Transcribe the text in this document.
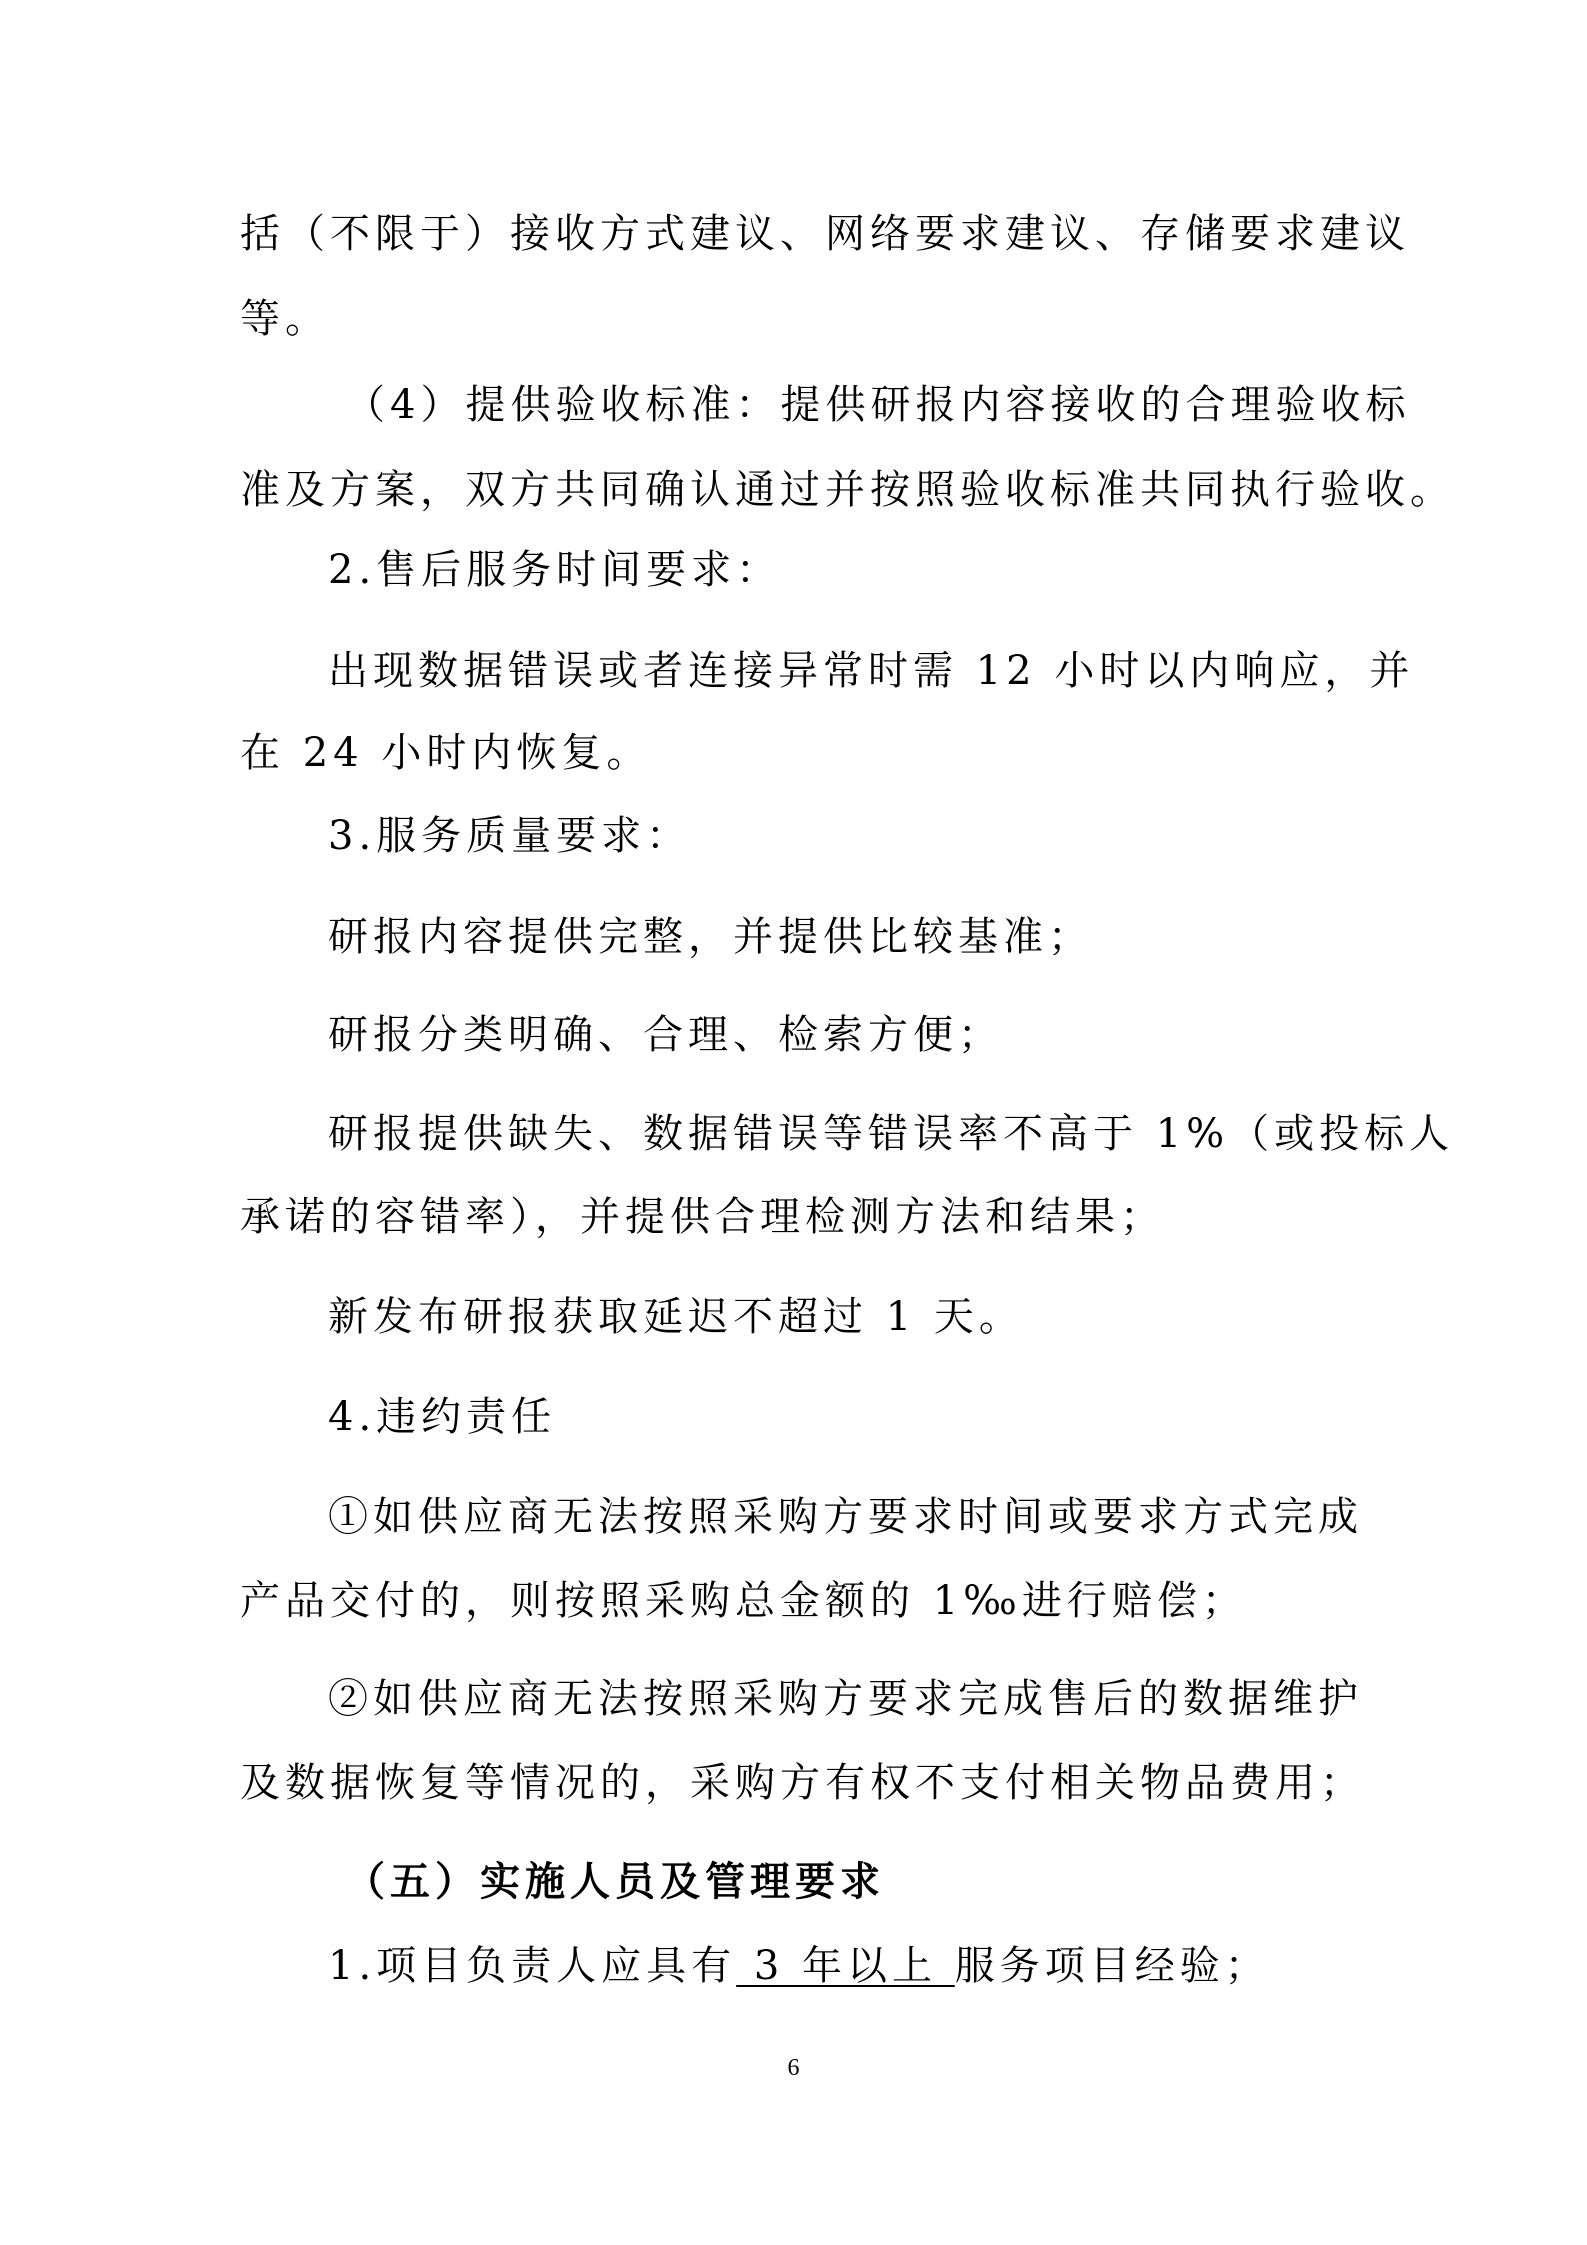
括（不限于）接收方式建议、网络要求建议、存储要求建议
等。
（4）提供验收标准：提供研报内容接收的合理验收标
准及方案，双方共同确认通过并按照验收标准共同执行验收。
2.售后服务时间要求：
出现数据错误或者连接异常时需 12 小时以内响应，并
在 24 小时内恢复。
3.服务质量要求：
研报内容提供完整，并提供比较基准；
研报分类明确、合理、检索方便；
研报提供缺失、数据错误等错误率不高于 1%（或投标人
承诺的容错率），并提供合理检测方法和结果；
新发布研报获取延迟不超过 1 天。
4.违约责任
①如供应商无法按照采购方要求时间或要求方式完成
产品交付的，则按照采购总金额的 1‰进行赔偿；
②如供应商无法按照采购方要求完成售后的数据维护
及数据恢复等情况的，采购方有权不支付相关物品费用；
（五）实施人员及管理要求
1.项目负责人应具有 3 年以上 服务项目经验；
6
